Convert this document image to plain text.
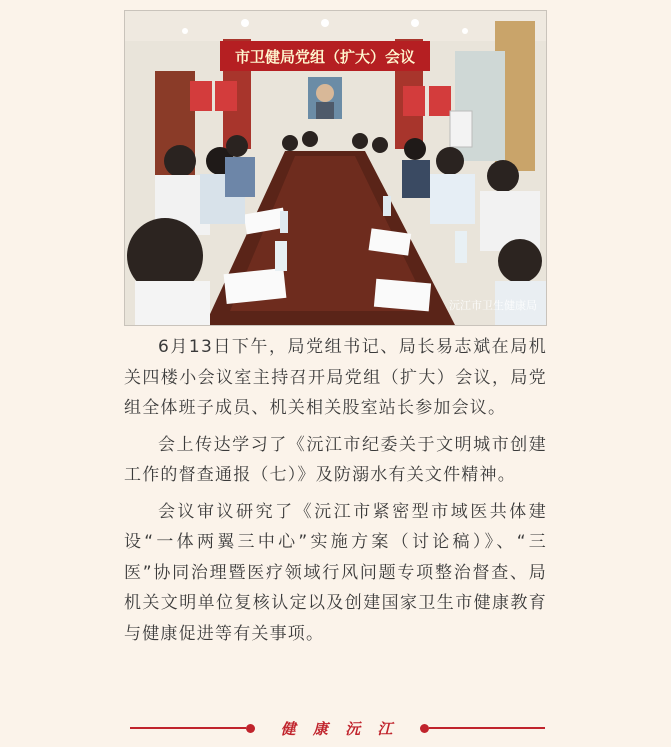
市卫健局党组（扩大）会议
沅江市卫生健康局

6月13日下午，局党组书记、局长易志斌在局机关四楼小会议室主持召开局党组（扩大）会议，局党组全体班子成员、机关相关股室站长参加会议。

会上传达学习了《沅江市纪委关于文明城市创建工作的督查通报（七）》及防溺水有关文件精神。

会议审议研究了《沅江市紧密型市域医共体建设“一体两翼三中心”实施方案（讨论稿）》、“三医”协同治理暨医疗领域行风问题专项整治督查、局机关文明单位复核认定以及创建国家卫生市健康教育与健康促进等有关事项。

健 康 沅 江
